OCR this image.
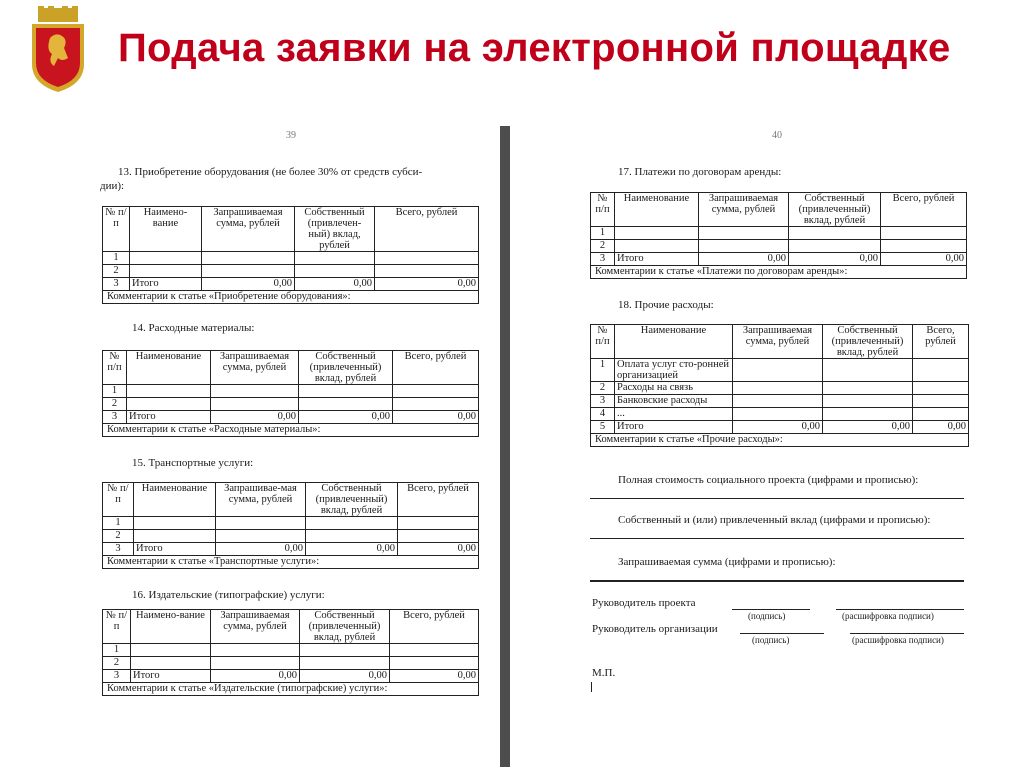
Подача заявки на электронной площадке
39
13. Приобретение оборудования (не более 30% от средств субси-
дии):
№ п/п	Наимено-вание	Запрашиваемая сумма, рублей	Собственный (привлечен-ный) вклад, рублей	Всего, рублей
1				
2				
3	Итого	0,00	0,00	0,00
Комментарии к статье «Приобретение оборудования»:				
14. Расходные материалы:
№ п/п	Наименование	Запрашиваемая сумма, рублей	Собственный (привлеченный) вклад, рублей	Всего, рублей
1				
2				
3	Итого	0,00	0,00	0,00
Комментарии к статье «Расходные материалы»:				
15. Транспортные услуги:
№ п/п	Наименование	Запрашивае-мая сумма, рублей	Собственный (привлеченный) вклад, рублей	Всего, рублей
1				
2				
3	Итого	0,00	0,00	0,00
Комментарии к статье «Транспортные услуги»:				
16. Издательские (типографские) услуги:
№ п/п	Наимено-вание	Запрашиваемая сумма, рублей	Собственный (привлеченный) вклад, рублей	Всего, рублей
1				
2				
3	Итого	0,00	0,00	0,00
Комментарии к статье «Издательские (типографские) услуги»:				
40
17. Платежи по договорам аренды:
№ п/п	Наименование	Запрашиваемая сумма, рублей	Собственный (привлеченный) вклад, рублей	Всего, рублей
1				
2				
3	Итого	0,00	0,00	0,00
Комментарии к статье «Платежи по договорам аренды»:				
18. Прочие расходы:
№ п/п	Наименование	Запрашиваемая сумма, рублей	Собственный (привлеченный) вклад, рублей	Всего, рублей
1	Оплата услуг сто-ронней организацией			
2	Расходы на связь			
3	Банковские расходы			
4	...			
5	Итого	0,00	0,00	0,00
Комментарии к статье «Прочие расходы»:				
Полная стоимость социального проекта (цифрами и прописью):
Собственный и (или) привлеченный вклад (цифрами и прописью):
Запрашиваемая сумма (цифрами и прописью):
Руководитель проекта
(подпись)	(расшифровка подписи)
Руководитель организации
(подпись)	(расшифровка подписи)
М.П.
